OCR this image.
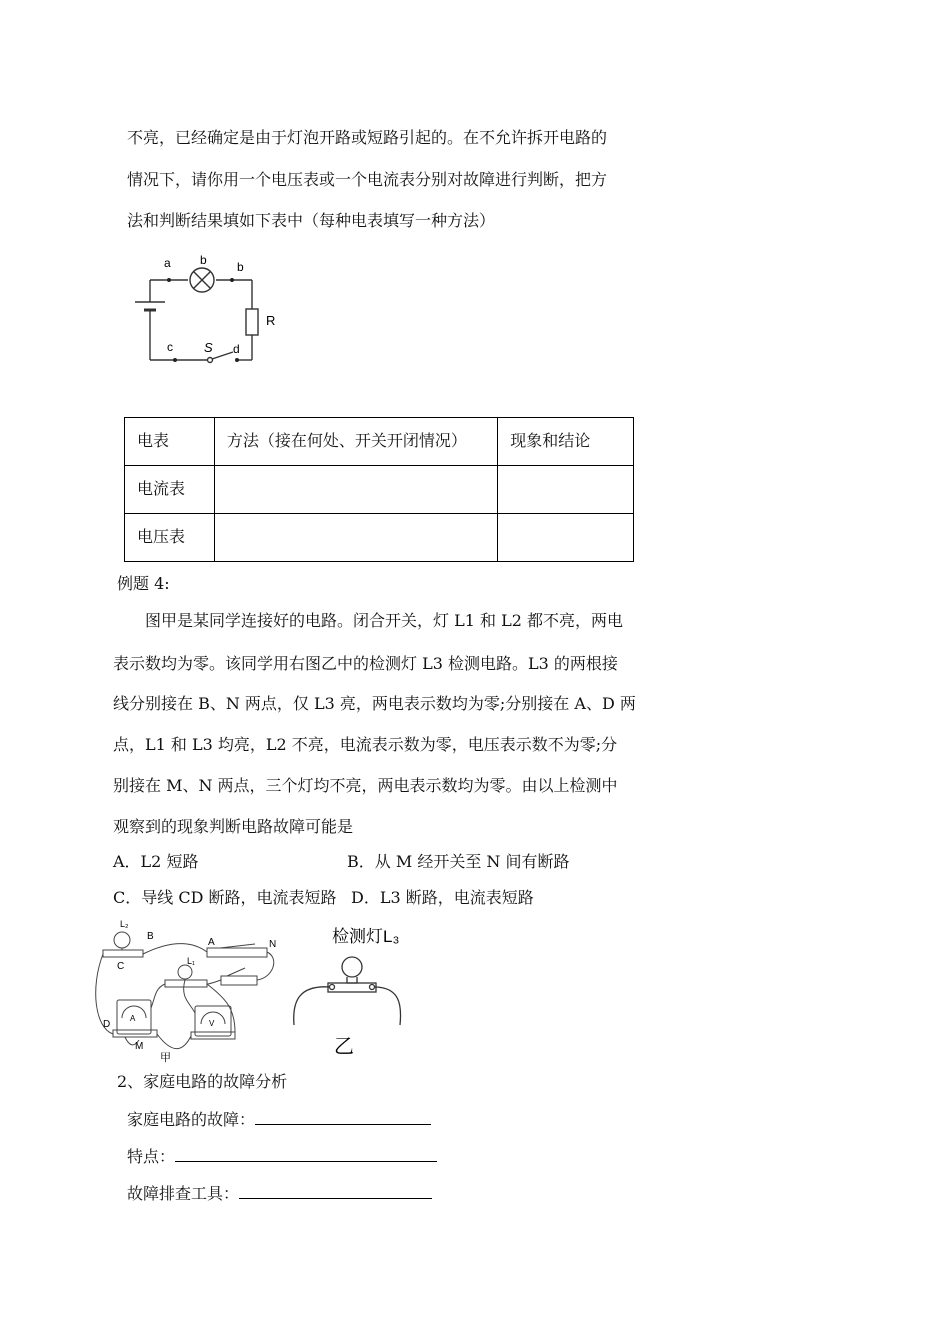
不亮，已经确定是由于灯泡开路或短路引起的。在不允许拆开电路的
情况下，请你用一个电压表或一个电流表分别对故障进行判断，把方
法和判断结果填如下表中（每种电表填写一种方法）
a b	b
R
c S d
电表	方法（接在何处、开关开闭情况）	现象和结论
电流表		
电压表		
例题 4:
图甲是某同学连接好的电路。闭合开关，灯 L1 和 L2 都不亮，两电
表示数均为零。该同学用右图乙中的检测灯 L3 检测电路。L3 的两根接
线分别接在 B、N 两点，仅 L3 亮，两电表示数均为零;分别接在 A、D 两
点，L1 和 L3 均亮，L2 不亮，电流表示数为零，电压表示数不为零;分
别接在 M、N 两点，三个灯均不亮，两电表示数均为零。由以上检测中
观察到的现象判断电路故障可能是
A．L2 短路	B．从 M 经开关至 N 间有断路
C．导线 CD 断路，电流表短路 D．L3 断路，电流表短路
L₂
B
C
A	N
L₁
D
M
A
V
甲
检测灯L₃
乙
2、家庭电路的故障分析
家庭电路的故障：
特点：
故障排查工具：
